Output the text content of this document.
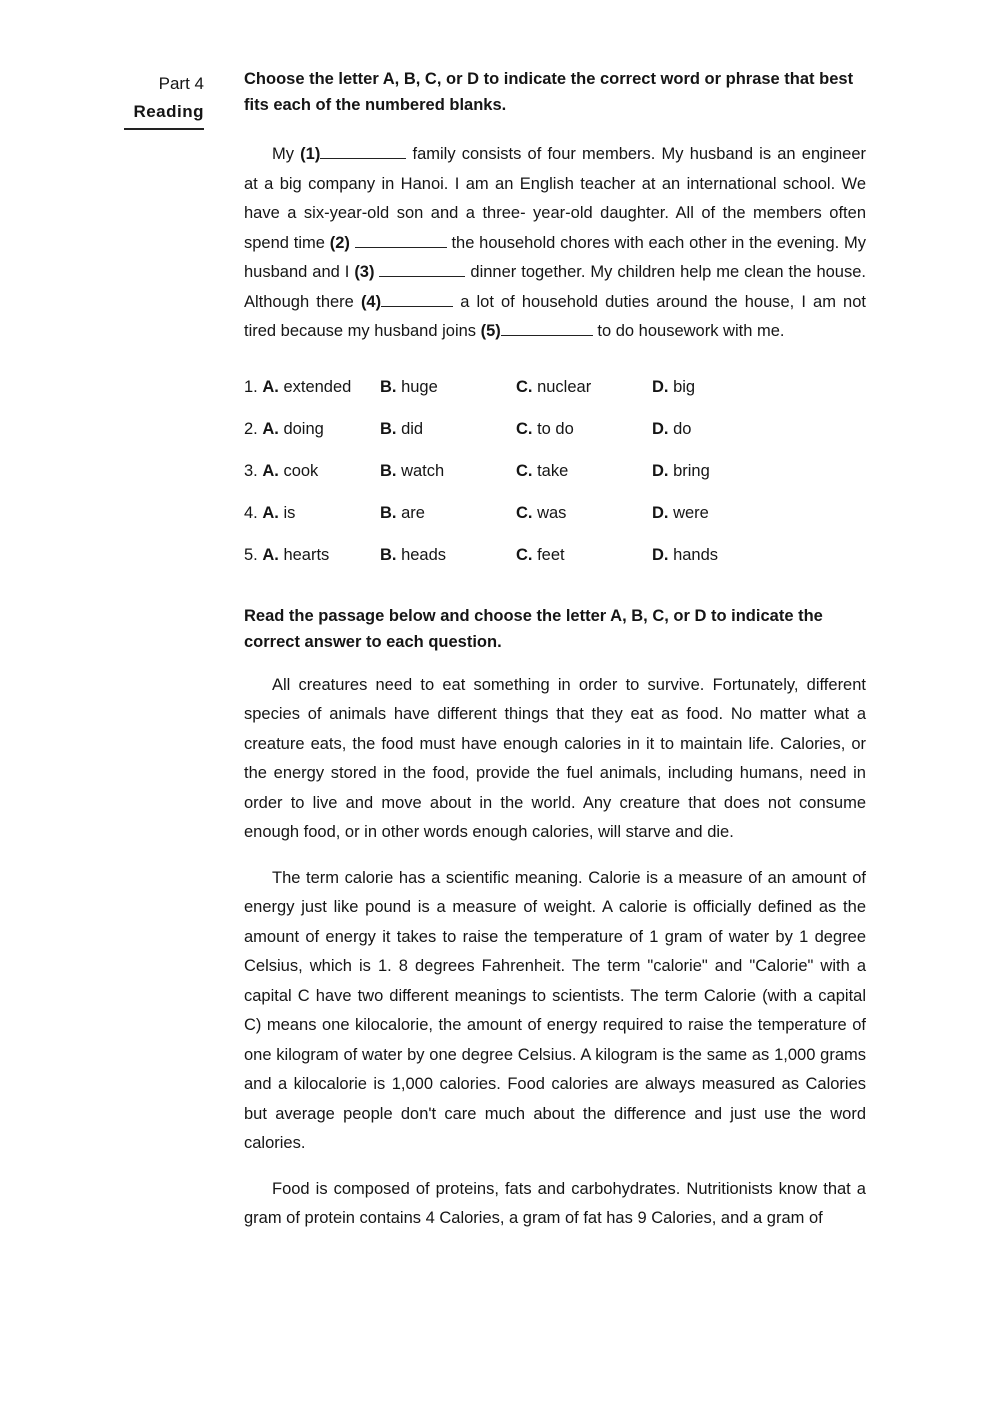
Part 4
Reading

Choose the letter A, B, C, or D to indicate the correct word or phrase that best fits each of the numbered blanks.

My (1)	family consists of four members. My husband is an engineer at a big company in Hanoi. I am an English teacher at an international school. We have a six-year-old son and a three- year-old daughter. All of the members often spend time (2)	the household chores with each other in the evening. My husband and I (3)	dinner together. My children help me clean the house. Although there (4)	a lot of household duties around the house, I am not tired because my husband joins (5)	to do housework with me.

1. A. extended	B. huge	C. nuclear	D. big
2. A. doing	B. did	C. to do	D. do
3. A. cook	B. watch	C. take	D. bring
4. A. is	B. are	C. was	D. were
5. A. hearts	B. heads	C. feet	D. hands

Read the passage below and choose the letter A, B, C, or D to indicate the correct answer to each question.

All creatures need to eat something in order to survive. Fortunately, different species of animals have different things that they eat as food. No matter what a creature eats, the food must have enough calories in it to maintain life. Calories, or the energy stored in the food, provide the fuel animals, including humans, need in order to live and move about in the world. Any creature that does not consume enough food, or in other words enough calories, will starve and die.

The term calorie has a scientific meaning. Calorie is a measure of an amount of energy just like pound is a measure of weight. A calorie is officially defined as the amount of energy it takes to raise the temperature of 1 gram of water by 1 degree Celsius, which is 1. 8 degrees Fahrenheit. The term "calorie" and "Calorie" with a capital C have two different meanings to scientists. The term Calorie (with a capital C) means one kilocalorie, the amount of energy required to raise the temperature of one kilogram of water by one degree Celsius. A kilogram is the same as 1,000 grams and a kilocalorie is 1,000 calories. Food calories are always measured as Calories but average people don't care much about the difference and just use the word calories.

Food is composed of proteins, fats and carbohydrates. Nutritionists know that a gram of protein contains 4 Calories, a gram of fat has 9 Calories, and a gram of
